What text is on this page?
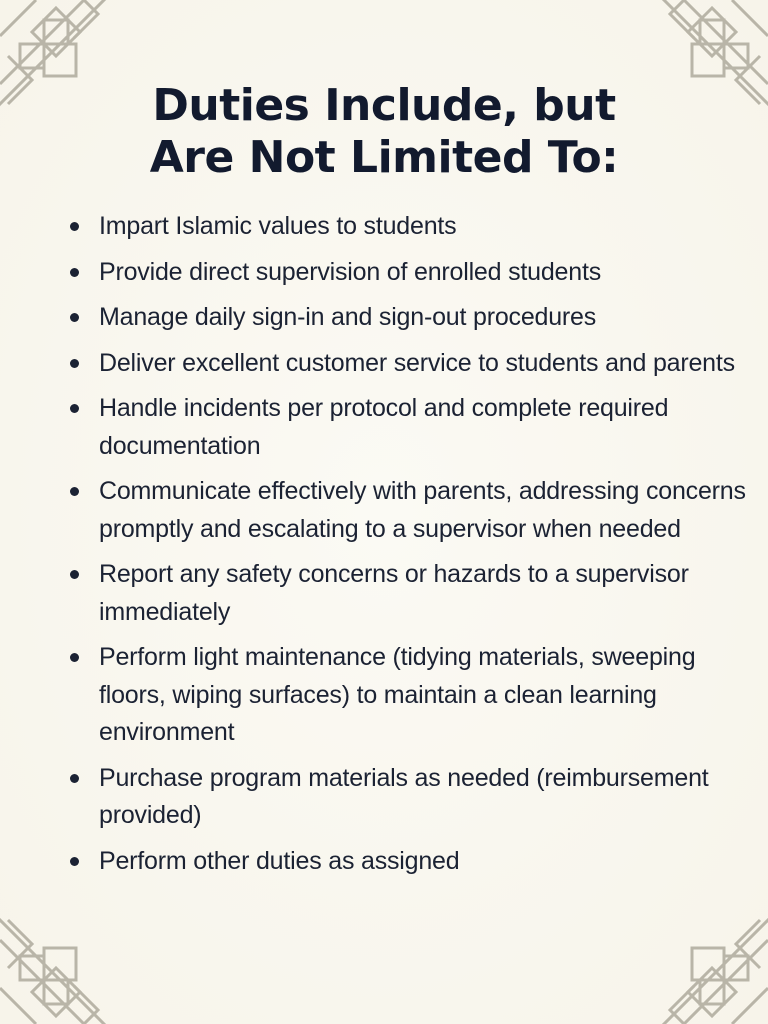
Duties Include, but
Are Not Limited To:
Impart Islamic values to students
Provide direct supervision of enrolled students
Manage daily sign-in and sign-out procedures
Deliver excellent customer service to students and parents
Handle incidents per protocol and complete required documentation
Communicate effectively with parents, addressing concerns promptly and escalating to a supervisor when needed
Report any safety concerns or hazards to a supervisor immediately
Perform light maintenance (tidying materials, sweeping floors, wiping surfaces) to maintain a clean learning environment
Purchase program materials as needed (reimbursement provided)
Perform other duties as assigned
